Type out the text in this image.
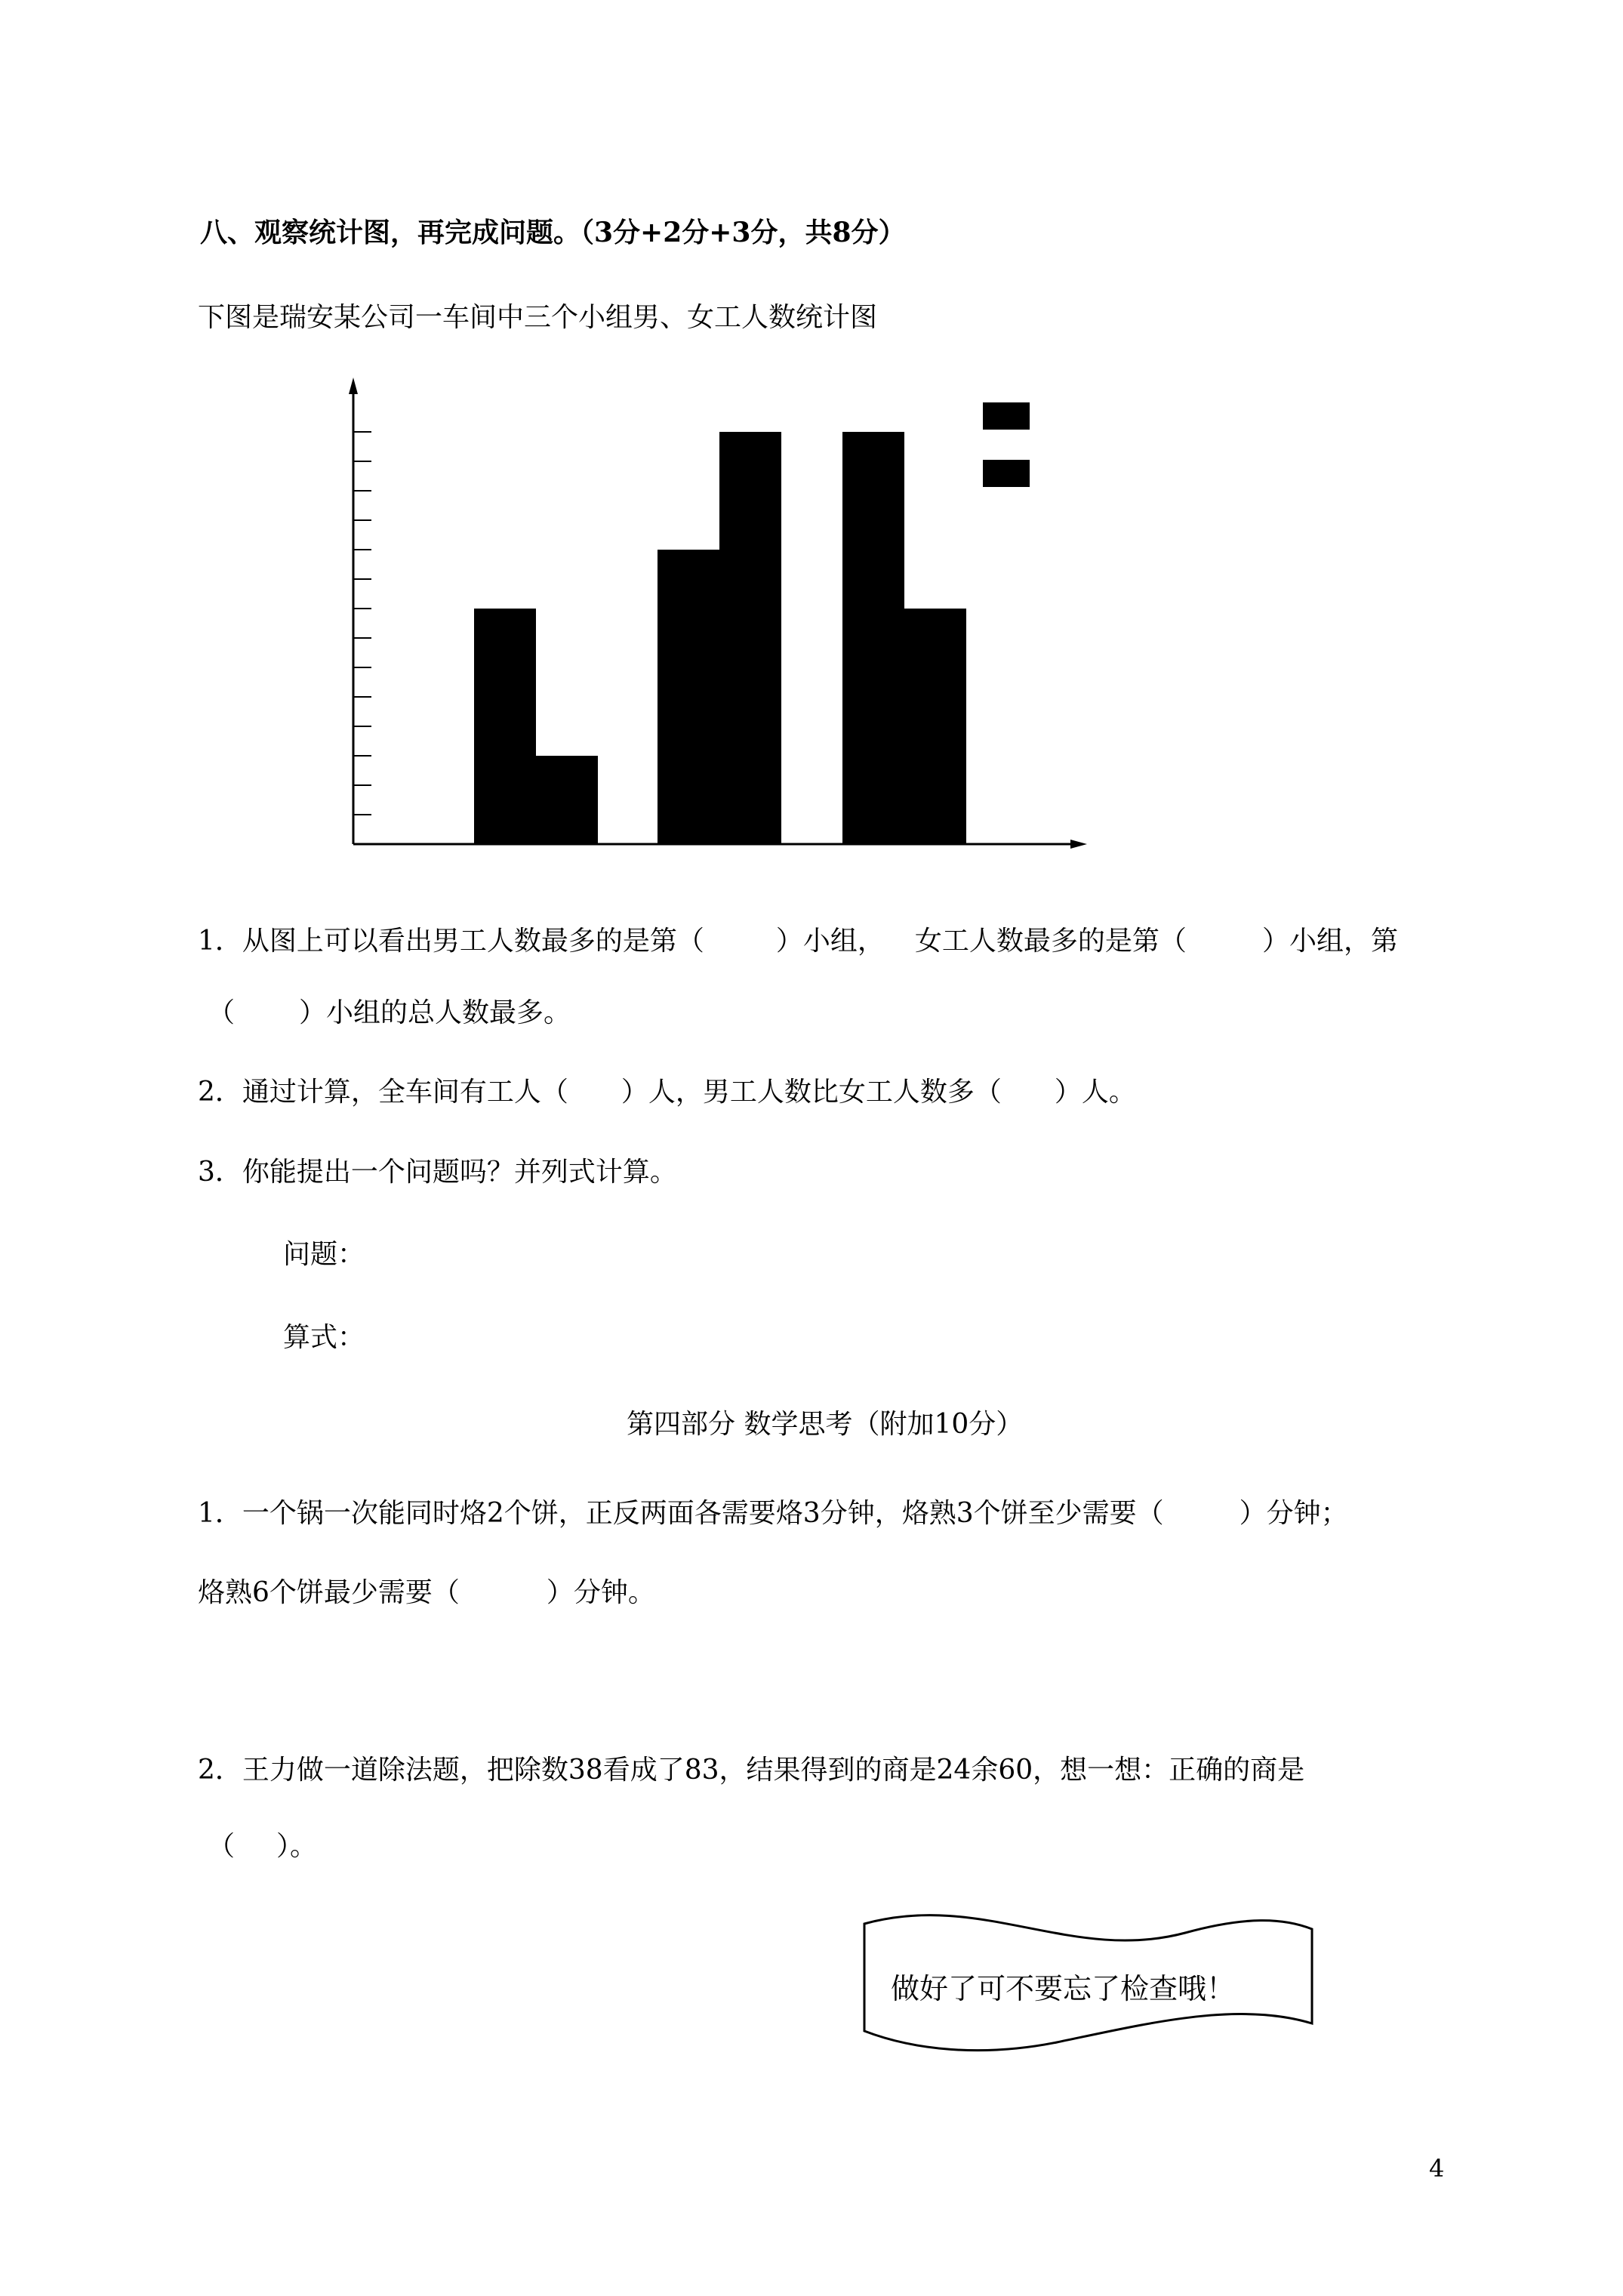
八、观察统计图，再完成问题。（3分+2分+3分，共8分）
下图是瑞安某公司一车间中三个小组男、女工人数统计图
1．从图上可以看出男工人数最多的是第（	）小组， 女工人数最多的是第（	）小组，第
（ ）小组的总人数最多。
2．通过计算，全车间有工人（ ）人，男工人数比女工人数多（ ）人。
3．你能提出一个问题吗？并列式计算。
问题：
算式：
第四部分 数学思考（附加10分）
1．一个锅一次能同时烙2个饼，正反两面各需要烙3分钟，烙熟3个饼至少需要（	）分钟；
烙熟6个饼最少需要（	）分钟。
2．王力做一道除法题，把除数38看成了83，结果得到的商是24余60，想一想：正确的商是
（ ）。
做好了可不要忘了检查哦！
4
